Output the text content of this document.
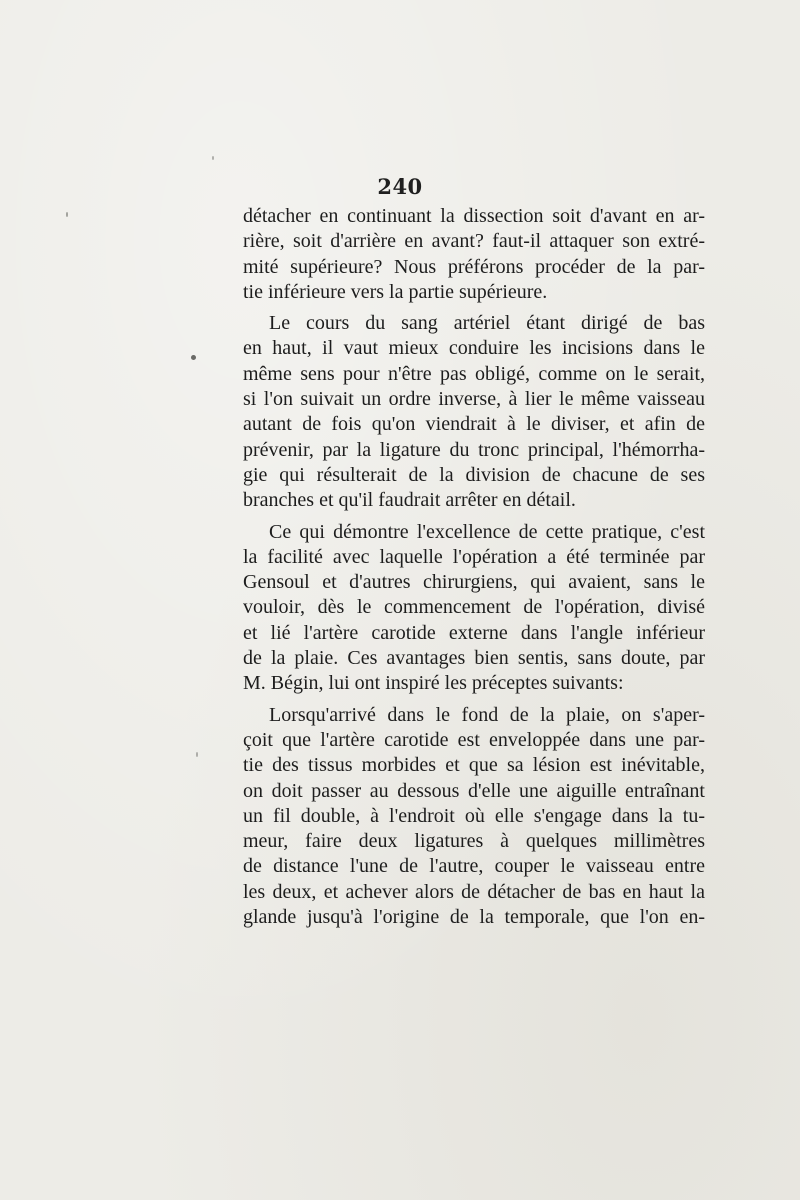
240
détacher en continuant la dissection soit d'avant en ar-
rière, soit d'arrière en avant? faut-il attaquer son extré-
mité supérieure? Nous préférons procéder de la par-
tie inférieure vers la partie supérieure.
Le cours du sang artériel étant dirigé de bas
en haut, il vaut mieux conduire les incisions dans le
même sens pour n'être pas obligé, comme on le serait,
si l'on suivait un ordre inverse, à lier le même vaisseau
autant de fois qu'on viendrait à le diviser, et afin de
prévenir, par la ligature du tronc principal, l'hémorrha-
gie qui résulterait de la division de chacune de ses
branches et qu'il faudrait arrêter en détail.
Ce qui démontre l'excellence de cette pratique, c'est
la facilité avec laquelle l'opération a été terminée par
Gensoul et d'autres chirurgiens, qui avaient, sans le
vouloir, dès le commencement de l'opération, divisé
et lié l'artère carotide externe dans l'angle inférieur
de la plaie. Ces avantages bien sentis, sans doute, par
M. Bégin, lui ont inspiré les préceptes suivants:
Lorsqu'arrivé dans le fond de la plaie, on s'aper-
çoit que l'artère carotide est enveloppée dans une par-
tie des tissus morbides et que sa lésion est inévitable,
on doit passer au dessous d'elle une aiguille entraînant
un fil double, à l'endroit où elle s'engage dans la tu-
meur, faire deux ligatures à quelques millimètres
de distance l'une de l'autre, couper le vaisseau entre
les deux, et achever alors de détacher de bas en haut la
glande jusqu'à l'origine de la temporale, que l'on en-
